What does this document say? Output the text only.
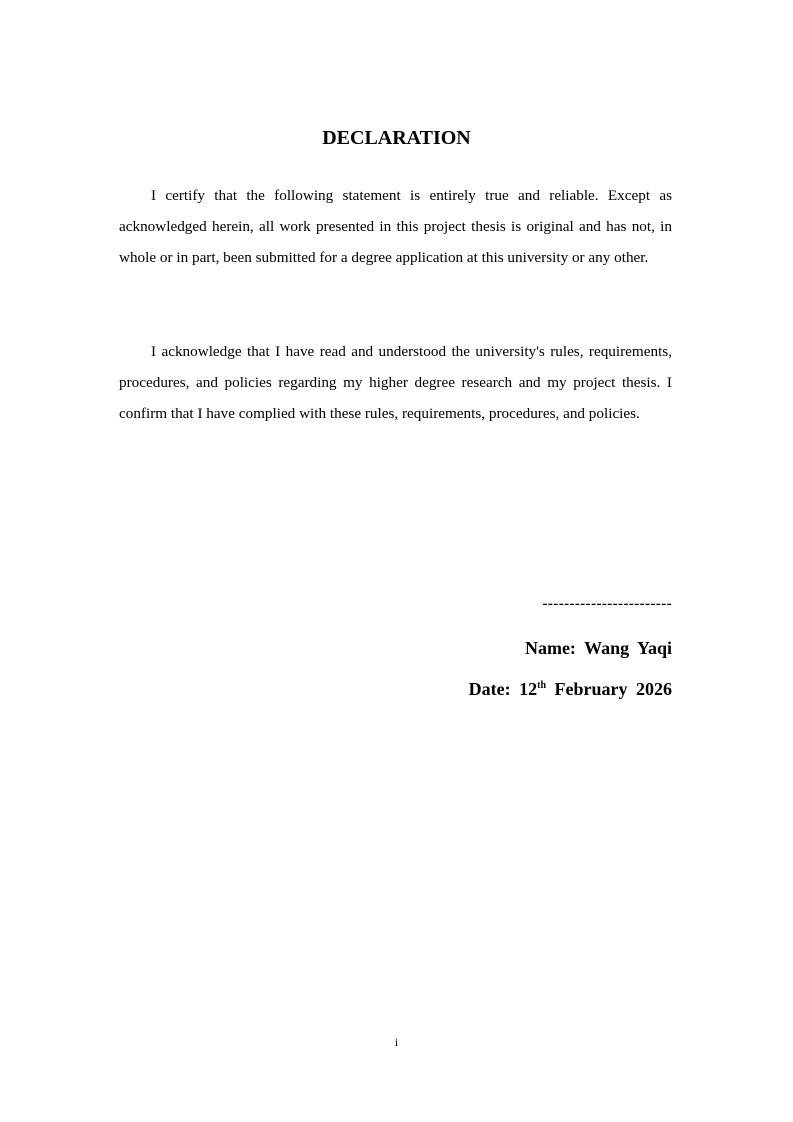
DECLARATION

I certify that the following statement is entirely true and reliable. Except as acknowledged herein, all work presented in this project thesis is original and has not, in whole or in part, been submitted for a degree application at this university or any other.

I acknowledge that I have read and understood the university's rules, requirements, procedures, and policies regarding my higher degree research and my project thesis. I confirm that I have complied with these rules, requirements, procedures, and policies.

------------------------
Name: Wang Yaqi
Date: 12th February 2026
i
